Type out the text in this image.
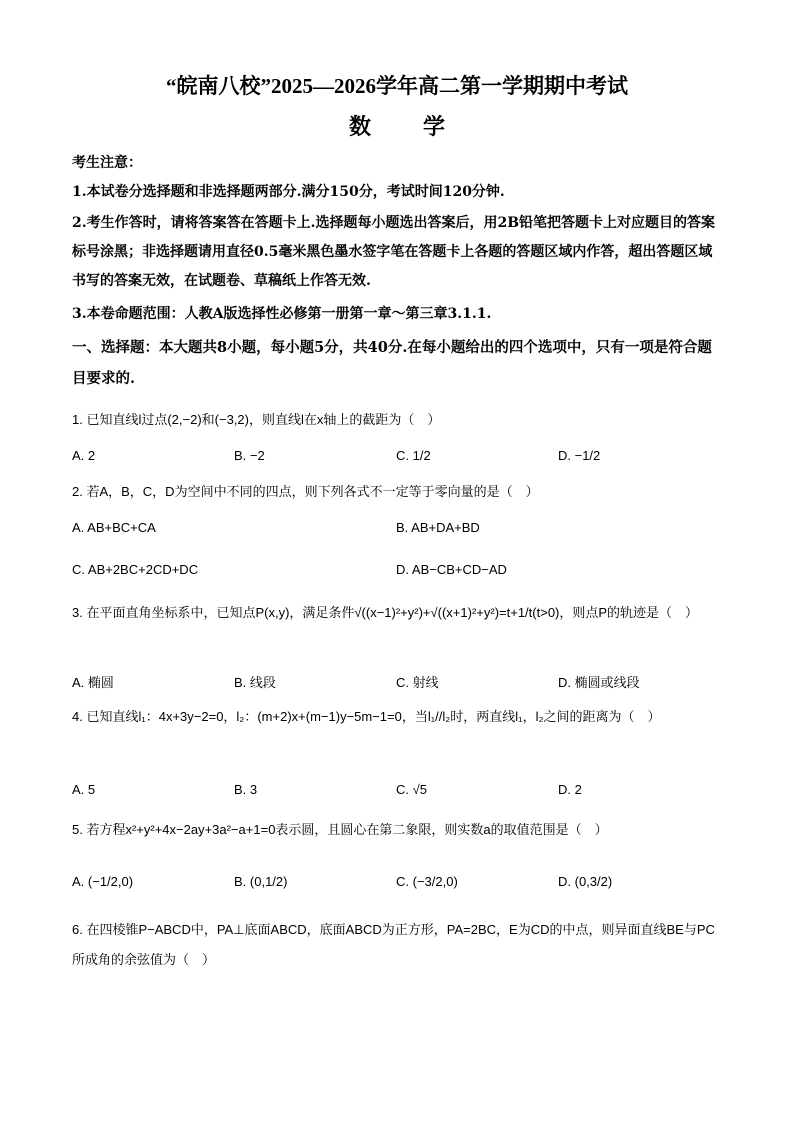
“皖南八校”2025—2026学年高二第一学期期中考试
数学
考生注意：
1.本试卷分选择题和非选择题两部分.满分150分，考试时间120分钟.
2.考生作答时，请将答案答在答题卡上.选择题每小题选出答案后，用2B铅笔把答题卡上对应题目的答案标号涂黑；非选择题请用直径0.5毫米黑色墨水签字笔在答题卡上各题的答题区域内作答，超出答题区域书写的答案无效，在试题卷、草稿纸上作答无效.
3.本卷命题范围：人教A版选择性必修第一册第一章～第三章3.1.1.
一、选择题：本大题共8小题，每小题5分，共40分.在每小题给出的四个选项中，只有一项是符合题目要求的.
1. 已知直线l过点(2,−2)和(−3,2)，则直线l在x轴上的截距为（　）
A. 2	B. −2	C. 1/2	D. −1/2
2. 若A，B，C，D为空间中不同的四点，则下列各式不一定等于零向量的是（　）
A. AB+BC+CA	B. AB+DA+BD
C. AB+2BC+2CD+DC	D. AB−CB+CD−AD
3. 在平面直角坐标系中，已知点P(x,y)，满足条件√((x−1)²+y²)+√((x+1)²+y²)=t+1/t(t>0)，则点P的轨迹是（　）
A. 椭圆	B. 线段	C. 射线	D. 椭圆或线段
4. 已知直线l₁：4x+3y−2=0，l₂：(m+2)x+(m−1)y−5m−1=0，当l₁//l₂时，两直线l₁，l₂之间的距离为（　）
A. 5	B. 3	C. √5	D. 2
5. 若方程x²+y²+4x−2ay+3a²−a+1=0表示圆，且圆心在第二象限，则实数a的取值范围是（　）
A. (−1/2,0)	B. (0,1/2)	C. (−3/2,0)	D. (0,3/2)
6. 在四棱锥P−ABCD中，PA⊥底面ABCD，底面ABCD为正方形，PA=2BC，E为CD的中点，则异面直线BE与PC所成角的余弦值为（　）
